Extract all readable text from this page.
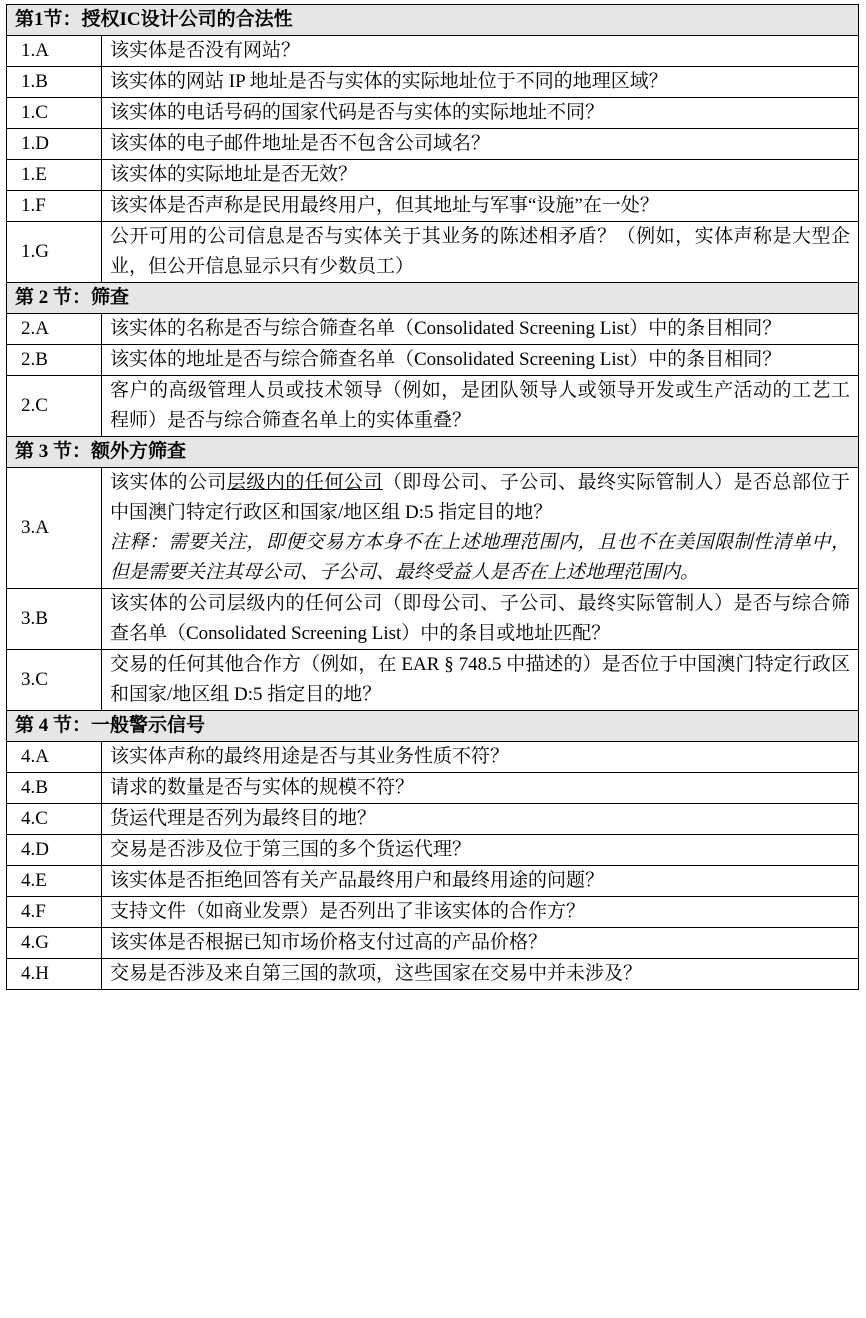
第1节：授权IC设计公司的合法性	
1.A	该实体是否没有网站？
1.B	该实体的网站 IP 地址是否与实体的实际地址位于不同的地理区域？
1.C	该实体的电话号码的国家代码是否与实体的实际地址不同？
1.D	该实体的电子邮件地址是否不包含公司域名？
1.E	该实体的实际地址是否无效？
1.F	该实体是否声称是民用最终用户，但其地址与军事“设施”在一处？
1.G	公开可用的公司信息是否与实体关于其业务的陈述相矛盾？（例如，实体声称是大型企业，但公开信息显示只有少数员工）
第 2 节：筛查	
2.A	该实体的名称是否与综合筛查名单（Consolidated Screening List）中的条目相同？
2.B	该实体的地址是否与综合筛查名单（Consolidated Screening List）中的条目相同？
2.C	客户的高级管理人员或技术领导（例如，是团队领导人或领导开发或生产活动的工艺工程师）是否与综合筛查名单上的实体重叠？
第 3 节：额外方筛查	
3.A	该实体的公司层级内的任何公司（即母公司、子公司、最终实际管制人）是否总部位于中国澳门特定行政区和国家/地区组 D:5 指定目的地？
注释：需要关注，即便交易方本身不在上述地理范围内，且也不在美国限制性清单中，但是需要关注其母公司、子公司、最终受益人是否在上述地理范围内。

3.B	该实体的公司层级内的任何公司（即母公司、子公司、最终实际管制人）是否与综合筛查名单（Consolidated Screening List）中的条目或地址匹配？
3.C	交易的任何其他合作方（例如，在 EAR § 748.5 中描述的）是否位于中国澳门特定行政区和国家/地区组 D:5 指定目的地？
第 4 节：一般警示信号	
4.A	该实体声称的最终用途是否与其业务性质不符？
4.B	请求的数量是否与实体的规模不符？
4.C	货运代理是否列为最终目的地？
4.D	交易是否涉及位于第三国的多个货运代理？
4.E	该实体是否拒绝回答有关产品最终用户和最终用途的问题？
4.F	支持文件（如商业发票）是否列出了非该实体的合作方？
4.G	该实体是否根据已知市场价格支付过高的产品价格？
4.H	交易是否涉及来自第三国的款项，这些国家在交易中并未涉及？
